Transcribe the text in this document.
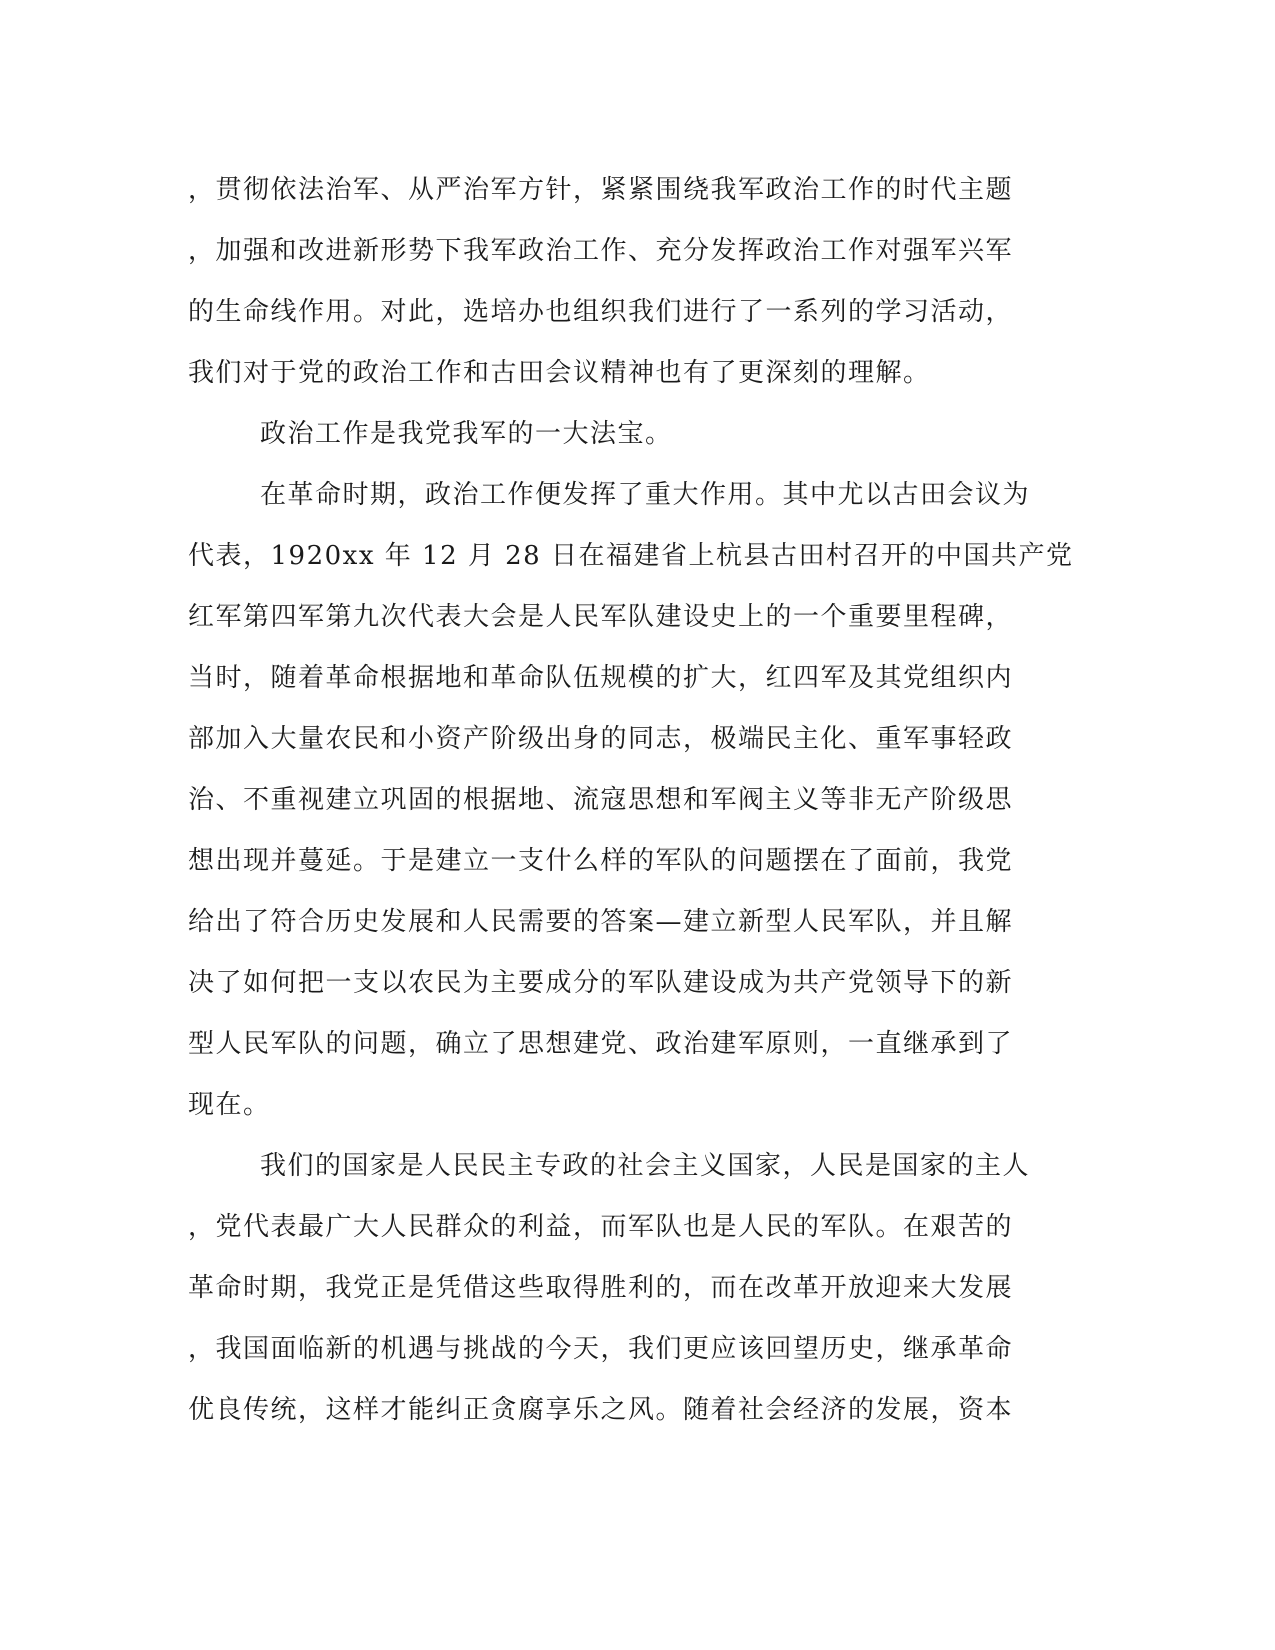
，贯彻依法治军、从严治军方针，紧紧围绕我军政治工作的时代主题
，加强和改进新形势下我军政治工作、充分发挥政治工作对强军兴军
的生命线作用。对此，选培办也组织我们进行了一系列的学习活动，
我们对于党的政治工作和古田会议精神也有了更深刻的理解。
政治工作是我党我军的一大法宝。
在革命时期，政治工作便发挥了重大作用。其中尤以古田会议为
代表，1920xx 年 12 月 28 日在福建省上杭县古田村召开的中国共产党
红军第四军第九次代表大会是人民军队建设史上的一个重要里程碑，
当时，随着革命根据地和革命队伍规模的扩大，红四军及其党组织内
部加入大量农民和小资产阶级出身的同志，极端民主化、重军事轻政
治、不重视建立巩固的根据地、流寇思想和军阀主义等非无产阶级思
想出现并蔓延。于是建立一支什么样的军队的问题摆在了面前，我党
给出了符合历史发展和人民需要的答案—建立新型人民军队，并且解
决了如何把一支以农民为主要成分的军队建设成为共产党领导下的新
型人民军队的问题，确立了思想建党、政治建军原则，一直继承到了
现在。
我们的国家是人民民主专政的社会主义国家，人民是国家的主人
，党代表最广大人民群众的利益，而军队也是人民的军队。在艰苦的
革命时期，我党正是凭借这些取得胜利的，而在改革开放迎来大发展
，我国面临新的机遇与挑战的今天，我们更应该回望历史，继承革命
优良传统，这样才能纠正贪腐享乐之风。随着社会经济的发展，资本
